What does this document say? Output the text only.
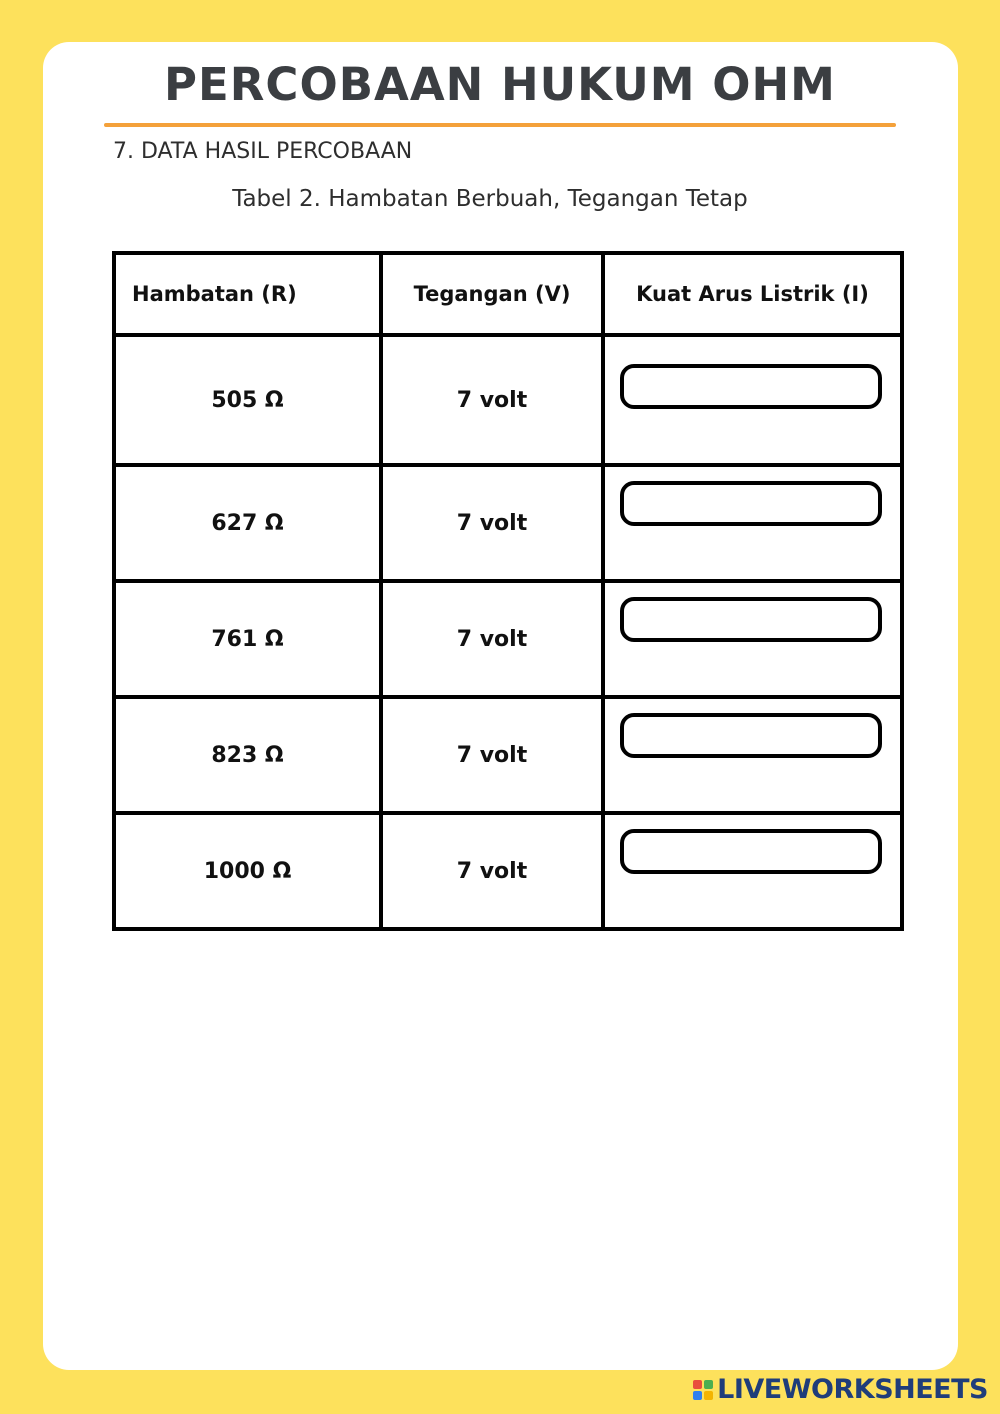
PERCOBAAN HUKUM OHM

7. DATA HASIL PERCOBAAN

Tabel 2. Hambatan Berbuah, Tegangan Tetap

Hambatan (R)	Tegangan (V)	Kuat Arus Listrik (I)
505 Ω	7 volt	

627 Ω	7 volt	

761 Ω	7 volt	

823 Ω	7 volt	

1000 Ω	7 volt	
LIVEWORKSHEETS
